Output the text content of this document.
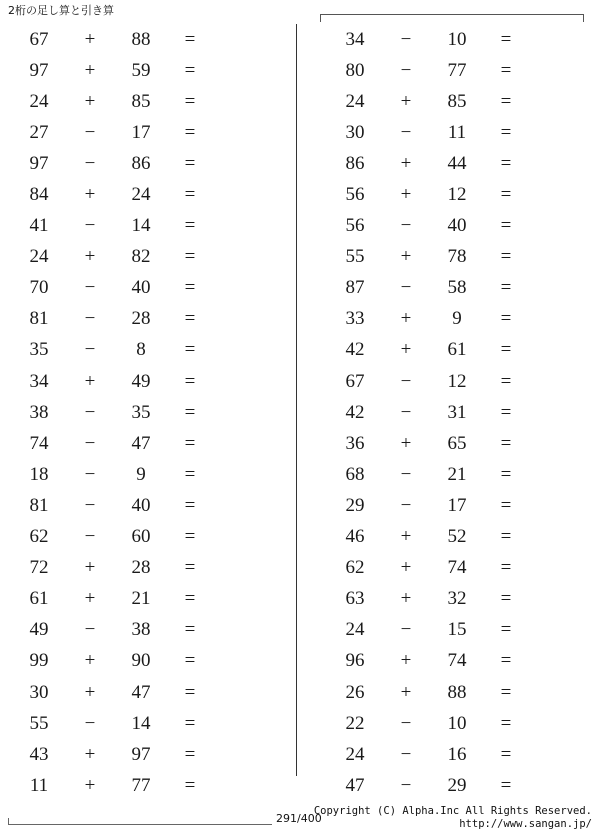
2桁の足し算と引き算
67	+	88	=
97	+	59	=
24	+	85	=
27	−	17	=
97	−	86	=
84	+	24	=
41	−	14	=
24	+	82	=
70	−	40	=
81	−	28	=
35	−	8	=
34	+	49	=
38	−	35	=
74	−	47	=
18	−	9	=
81	−	40	=
62	−	60	=
72	+	28	=
61	+	21	=
49	−	38	=
99	+	90	=
30	+	47	=
55	−	14	=
43	+	97	=
11	+	77	=
34	−	10	=
80	−	77	=
24	+	85	=
30	−	11	=
86	+	44	=
56	+	12	=
56	−	40	=
55	+	78	=
87	−	58	=
33	+	9	=
42	+	61	=
67	−	12	=
42	−	31	=
36	+	65	=
68	−	21	=
29	−	17	=
46	+	52	=
62	+	74	=
63	+	32	=
24	−	15	=
96	+	74	=
26	+	88	=
22	−	10	=
24	−	16	=
47	−	29	=
291/400
Copyright (C) Alpha.Inc All Rights Reserved.
http://www.sangan.jp/
